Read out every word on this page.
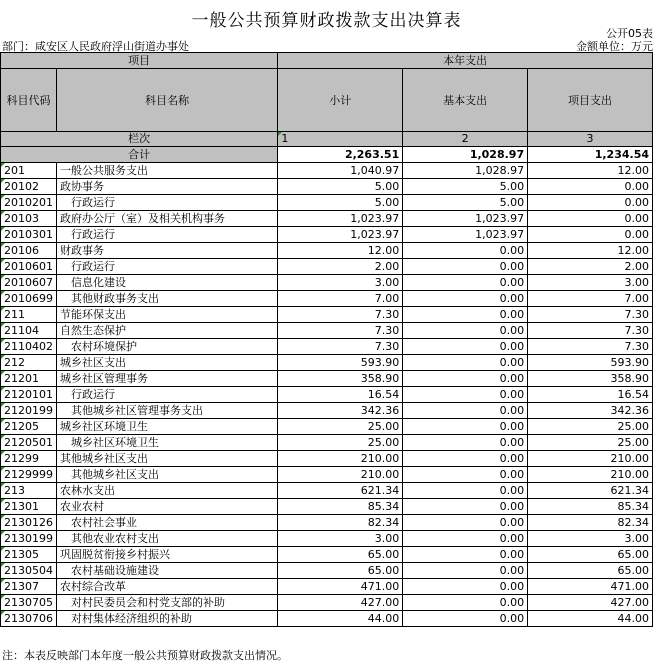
一般公共预算财政拨款支出决算表
公开05表
部门：咸安区人民政府浮山街道办事处	金额单位：万元
项目		本年支出		
科目代码	科目名称	小计	基本支出	项目支出
栏次		1	2	3
合计		2,263.51	1,028.97	1,234.54
201	一般公共服务支出	1,040.97	1,028.97	12.00
20102	政协事务	5.00	5.00	0.00
2010201	行政运行	5.00	5.00	0.00
20103	政府办公厅（室）及相关机构事务	1,023.97	1,023.97	0.00
2010301	行政运行	1,023.97	1,023.97	0.00
20106	财政事务	12.00	0.00	12.00
2010601	行政运行	2.00	0.00	2.00
2010607	信息化建设	3.00	0.00	3.00
2010699	其他财政事务支出	7.00	0.00	7.00
211	节能环保支出	7.30	0.00	7.30
21104	自然生态保护	7.30	0.00	7.30
2110402	农村环境保护	7.30	0.00	7.30
212	城乡社区支出	593.90	0.00	593.90
21201	城乡社区管理事务	358.90	0.00	358.90
2120101	行政运行	16.54	0.00	16.54
2120199	其他城乡社区管理事务支出	342.36	0.00	342.36
21205	城乡社区环境卫生	25.00	0.00	25.00
2120501	城乡社区环境卫生	25.00	0.00	25.00
21299	其他城乡社区支出	210.00	0.00	210.00
2129999	其他城乡社区支出	210.00	0.00	210.00
213	农林水支出	621.34	0.00	621.34
21301	农业农村	85.34	0.00	85.34
2130126	农村社会事业	82.34	0.00	82.34
2130199	其他农业农村支出	3.00	0.00	3.00
21305	巩固脱贫衔接乡村振兴	65.00	0.00	65.00
2130504	农村基础设施建设	65.00	0.00	65.00
21307	农村综合改革	471.00	0.00	471.00
2130705	对村民委员会和村党支部的补助	427.00	0.00	427.00
2130706	对村集体经济组织的补助	44.00	0.00	44.00
注：本表反映部门本年度一般公共预算财政拨款支出情况。
